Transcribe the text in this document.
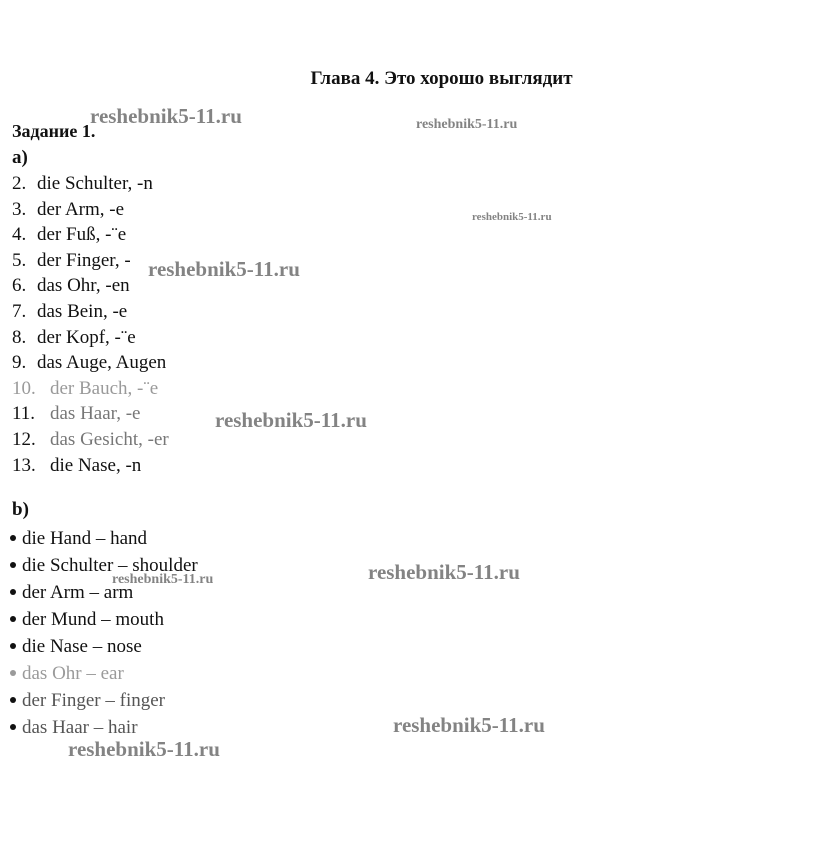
Глава 4. Это хорошо выглядит
Задание 1.
a)
2. die Schulter, -n
3. der Arm, -e
4. der Fuß, -¨e
5. der Finger, -
6. das Ohr, -en
7. das Bein, -e
8. der Kopf, -¨e
9. das Auge, Augen
10. der Bauch, -¨e
11. das Haar, -e
12. das Gesicht, -er
13. die Nase, -n
b)
die Hand – hand
die Schulter – shoulder
der Arm – arm
der Mund – mouth
die Nase – nose
das Ohr – ear
der Finger – finger
das Haar – hair
reshebnik5-11.ru	reshebnik5-11.ru
reshebnik5-11.ru
reshebnik5-11.ru
reshebnik5-11.ru
reshebnik5-11.ru
reshebnik5-11.ru
reshebnik5-11.ru
reshebnik5-11.ru
